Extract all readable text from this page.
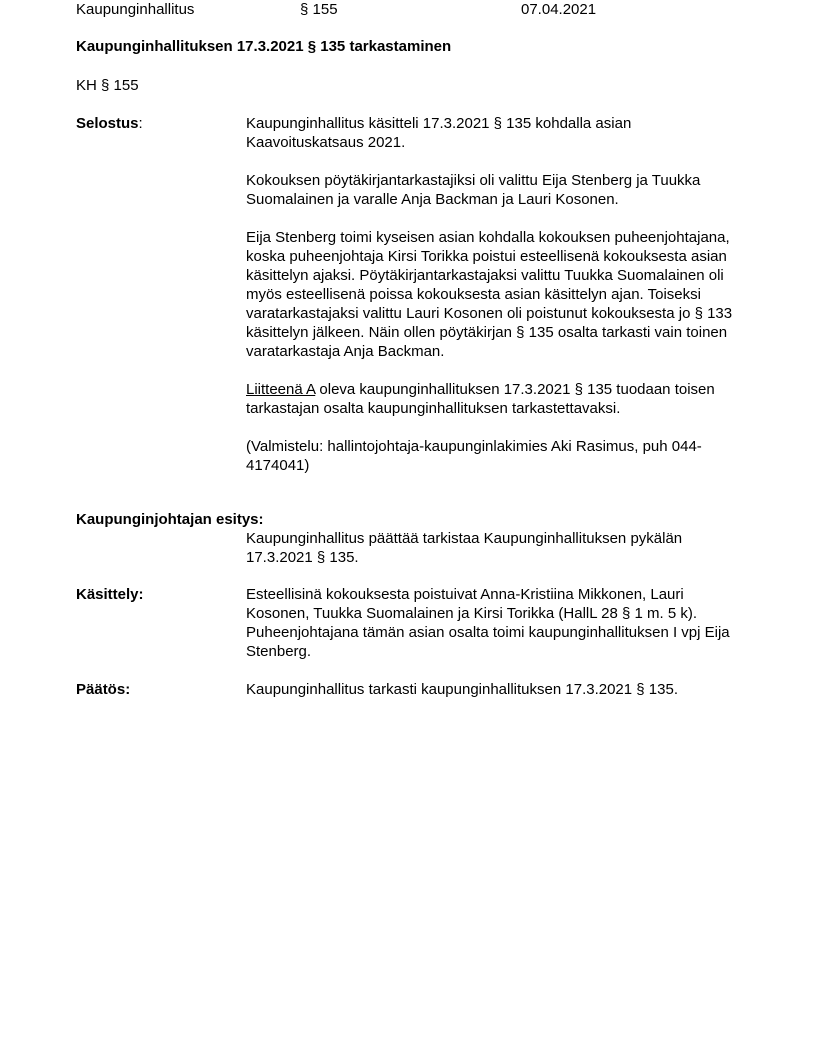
Kaupunginhallitus	§ 155	07.04.2021
Kaupunginhallituksen 17.3.2021 § 135 tarkastaminen
KH § 155
Selostus:	Kaupunginhallitus käsitteli 17.3.2021 § 135 kohdalla asian Kaavoituskatsaus 2021.

Kokouksen pöytäkirjantarkastajiksi oli valittu Eija Stenberg ja Tuukka Suomalainen ja varalle Anja Backman ja Lauri Kosonen.

Eija Stenberg toimi kyseisen asian kohdalla kokouksen puheenjohtajana, koska puheenjohtaja Kirsi Torikka poistui esteellisenä kokouksesta asian käsittelyn ajaksi. Pöytäkirjantarkastajaksi valittu Tuukka Suomalainen oli myös esteellisenä poissa kokouksesta asian käsittelyn ajan. Toiseksi varatarkastajaksi valittu Lauri Kosonen oli poistunut kokouksesta jo § 133 käsittelyn jälkeen. Näin ollen pöytäkirjan § 135 osalta tarkasti vain toinen varatarkastaja Anja Backman.

Liitteenä A oleva kaupunginhallituksen 17.3.2021 § 135 tuodaan toisen tarkastajan osalta kaupunginhallituksen tarkastettavaksi.

(Valmistelu: hallintojohtaja-kaupunginlakimies Aki Rasimus, puh 044-4174041)

Kaupunginjohtajan esitys:

Kaupunginhallitus päättää tarkistaa Kaupunginhallituksen pykälän 17.3.2021 § 135.

Käsittely:	Esteellisinä kokouksesta poistuivat Anna-Kristiina Mikkonen, Lauri Kosonen, Tuukka Suomalainen ja Kirsi Torikka (HallL 28 § 1 m. 5 k). Puheenjohtajana tämän asian osalta toimi kaupunginhallituksen I vpj Eija Stenberg.

Päätös:	Kaupunginhallitus tarkasti kaupunginhallituksen 17.3.2021 § 135.
